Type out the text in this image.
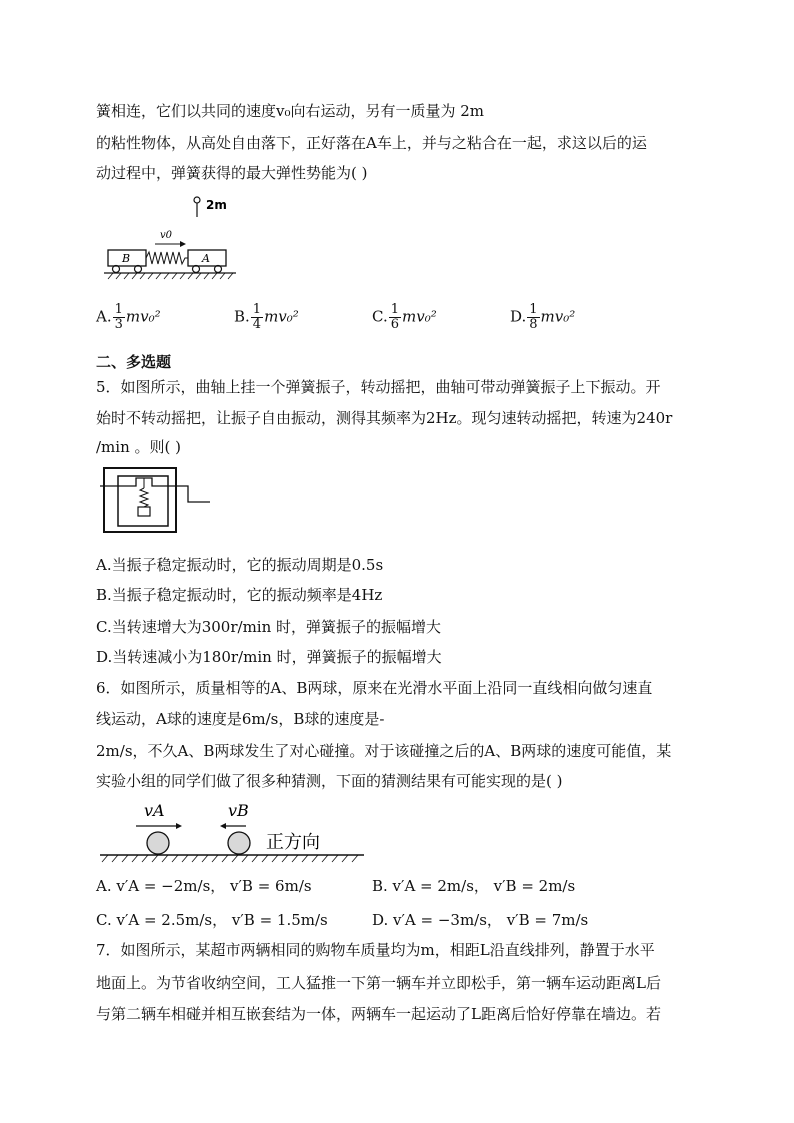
簧相连，它们以共同的速度v₀向右运动，另有一质量为 2m
的粘性物体，从高处自由落下，正好落在A车上，并与之粘合在一起，求这以后的运
动过程中，弹簧获得的最大弹性势能为( )
2m
v0
B	A
A. $\frac{1}{3} mv_0^2$	B. $\frac{1}{4} mv_0^2$	C. $\frac{1}{6} mv_0^2$	D. $\frac{1}{8} mv_0^2$
二、多选题
5．如图所示，曲轴上挂一个弹簧振子，转动摇把，曲轴可带动弹簧振子上下振动。开
始时不转动摇把，让振子自由振动，测得其频率为2Hz。现匀速转动摇把，转速为240r
/min 。则( )
A.当振子稳定振动时，它的振动周期是0.5s
B.当振子稳定振动时，它的振动频率是4Hz
C.当转速增大为300r/min 时，弹簧振子的振幅增大
D.当转速减小为180r/min 时，弹簧振子的振幅增大
6．如图所示，质量相等的A、B两球，原来在光滑水平面上沿同一直线相向做匀速直
线运动，A球的速度是6m/s，B球的速度是-
2m/s，不久A、B两球发生了对心碰撞。对于该碰撞之后的A、B两球的速度可能值，某
实验小组的同学们做了很多种猜测，下面的猜测结果有可能实现的是( )
vA	vB
正方向
A. v′A = −2m/s， v′B = 6m/s	B. v′A = 2m/s， v′B = 2m/s
C. v′A = 2.5m/s， v′B = 1.5m/s	D. v′A = −3m/s， v′B = 7m/s
7．如图所示，某超市两辆相同的购物车质量均为m，相距L沿直线排列，静置于水平
地面上。为节省收纳空间，工人猛推一下第一辆车并立即松手，第一辆车运动距离L后
与第二辆车相碰并相互嵌套结为一体，两辆车一起运动了L距离后恰好停靠在墙边。若
